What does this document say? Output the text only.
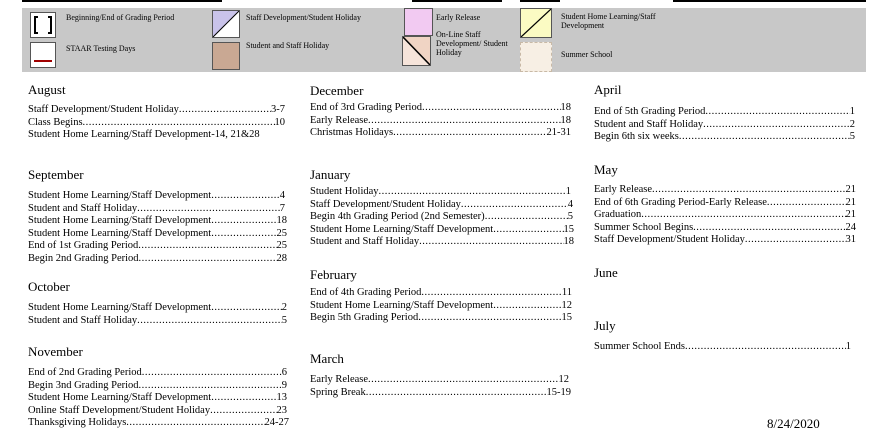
Beginning/End of Grading Period
STAAR Testing Days
Staff Development/Student Holiday
Student and Staff Holiday
Early Release
On-Line Staff Development/ Student Holiday
Student Home Learning/Staff Development
Summer School
August
Staff Development/Student Holiday .....	3-7
Class Begins .....	10
Student Home Learning/Staff Development-14, 21&28
September
Student Home Learning/Staff Development .....	4
Student and Staff Holiday .....	7
Student Home Learning/Staff Development .....	18
Student Home Learning/Staff Development .....	25
End of 1st Grading Period .....	25
Begin 2nd Grading Period .....	28
October
Student Home Learning/Staff Development .....	2
Student and Staff Holiday .....	5
November
End of 2nd Grading Period .....	6
Begin 3nd Grading Period .....	9
Student Home Learning/Staff Development .....	13
Online Staff Development/Student Holiday .....	23
Thanksgiving Holidays .....	24-27
December
End of 3rd Grading Period .....	18
Early Release .....	18
Christmas Holidays .....	21-31
January
Student Holiday .....	1
Staff Development/Student Holiday .....	4
Begin 4th Grading Period (2nd Semester) .....	5
Student Home Learning/Staff Development .....	15
Student and Staff Holiday .....	18
February
End of 4th Grading Period .....	11
Student Home Learning/Staff Development .....	12
Begin 5th Grading Period .....	15
March
Early Release .....	12
Spring Break .....	15-19
April
End of 5th Grading Period .....	1
Student and Staff Holiday .....	2
Begin 6th six weeks .....	5
May
Early Release .....	21
End of 6th Grading Period-Early Release .....	21
Graduation .....	21
Summer School Begins .....	24
Staff Development/Student Holiday .....	31
June
July
Summer School Ends .....	1
8/24/2020
